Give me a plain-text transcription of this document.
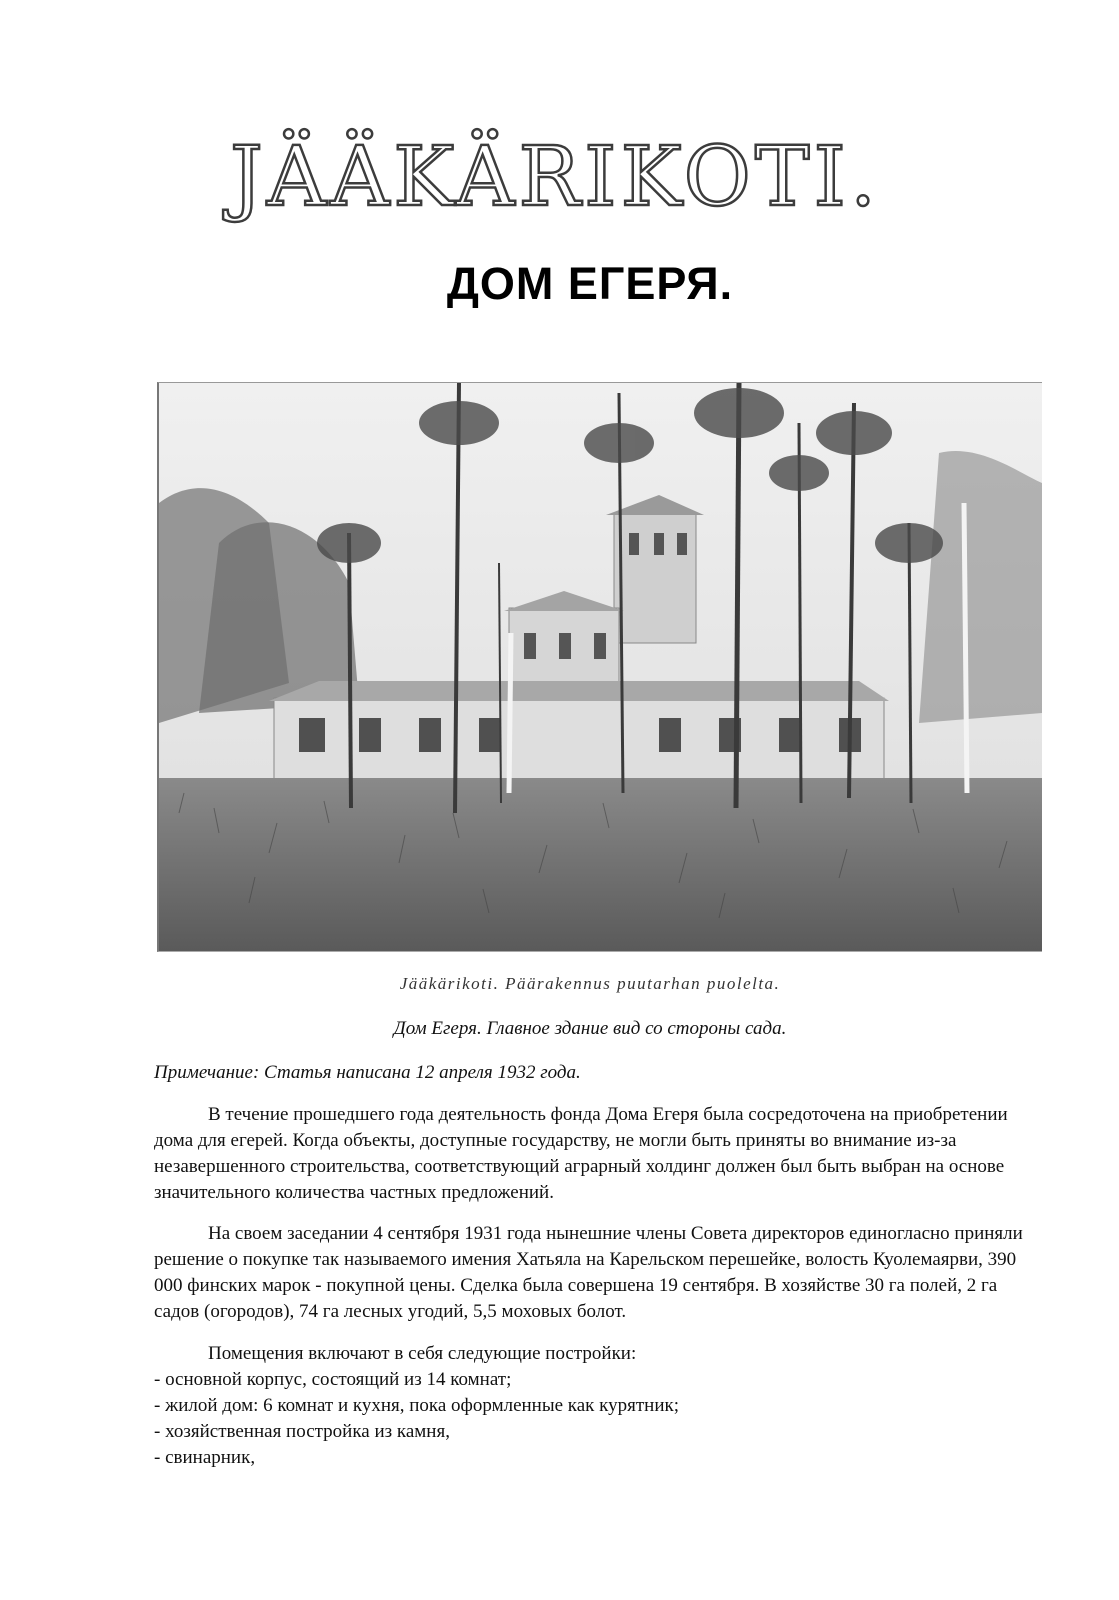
JÄÄKÄRIKOTI.
ДОМ ЕГЕРЯ.
Jääkärikoti. Päärakennus puutarhan puolelta.
Дом Егеря. Главное здание вид со стороны сада.
Примечание: Статья написана 12 апреля 1932 года.

В течение прошедшего года деятельность фонда Дома Егеря была сосредоточена на приобретении дома для егерей. Когда объекты, доступные государству, не могли быть приняты во внимание из-за незавершенного строительства, соответствующий аграрный холдинг должен был быть выбран на основе значительного количества частных предложений.

На своем заседании 4 сентября 1931 года нынешние члены Совета директоров единогласно приняли решение о покупке так называемого имения Хатьяла на Карельском перешейке, волость Куолемаярви, 390 000 финских марок - покупной цены. Сделка была совершена 19 сентября. В хозяйстве 30 га полей, 2 га садов (огородов), 74 га лесных угодий, 5,5 моховых болот.

Помещения включают в себя следующие постройки:

- основной корпус, состоящий из 14 комнат;
- жилой дом: 6 комнат и кухня, пока оформленные как курятник;
- хозяйственная постройка из камня,
- свинарник,
